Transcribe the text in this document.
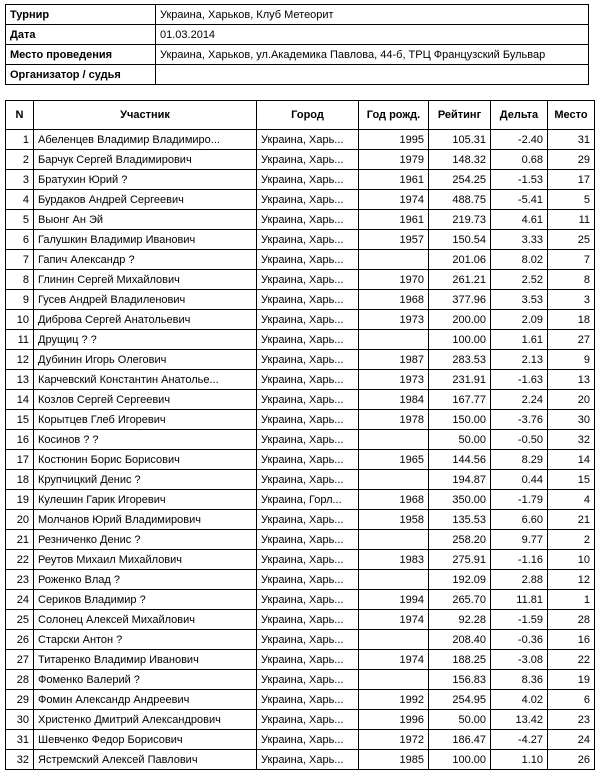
Турнир	Украина, Харьков, Клуб Метеорит
Дата	01.03.2014
Место проведения	Украина, Харьков, ул.Академика Павлова, 44-б, ТРЦ Французский Бульвар
Организатор / судья	
N	Участник	Город	Год рожд.	Рейтинг	Дельта	Место
1	Абеленцев Владимир Владимиро...	Украина, Харь...	1995	105.31	-2.40	31
2	Барчук Сергей Владимирович	Украина, Харь...	1979	148.32	0.68	29
3	Братухин Юрий ?	Украина, Харь...	1961	254.25	-1.53	17
4	Бурдаков Андрей Сергеевич	Украина, Харь...	1974	488.75	-5.41	5
5	Выонг Ан Эй	Украина, Харь...	1961	219.73	4.61	11
6	Галушкин Владимир Иванович	Украина, Харь...	1957	150.54	3.33	25
7	Гапич Александр ?	Украина, Харь...		201.06	8.02	7
8	Глинин Сергей Михайлович	Украина, Харь...	1970	261.21	2.52	8
9	Гусев Андрей Владиленович	Украина, Харь...	1968	377.96	3.53	3
10	Диброва Сергей Анатольевич	Украина, Харь...	1973	200.00	2.09	18
11	Друщиц ? ?	Украина, Харь...		100.00	1.61	27
12	Дубинин Игорь Олегович	Украина, Харь...	1987	283.53	2.13	9
13	Карчевский Константин Анатолье...	Украина, Харь...	1973	231.91	-1.63	13
14	Козлов Сергей Сергеевич	Украина, Харь...	1984	167.77	2.24	20
15	Корытцев Глеб Игоревич	Украина, Харь...	1978	150.00	-3.76	30
16	Косинов ? ?	Украина, Харь...		50.00	-0.50	32
17	Костюнин Борис Борисович	Украина, Харь...	1965	144.56	8.29	14
18	Крупчицкий Денис ?	Украина, Харь...		194.87	0.44	15
19	Кулешин Гарик Игоревич	Украина, Горл...	1968	350.00	-1.79	4
20	Молчанов Юрий Владимирович	Украина, Харь...	1958	135.53	6.60	21
21	Резниченко Денис ?	Украина, Харь...		258.20	9.77	2
22	Реутов Михаил Михайлович	Украина, Харь...	1983	275.91	-1.16	10
23	Роженко Влад ?	Украина, Харь...		192.09	2.88	12
24	Сериков Владимир ?	Украина, Харь...	1994	265.70	11.81	1
25	Солонец Алексей Михайлович	Украина, Харь...	1974	92.28	-1.59	28
26	Старски Антон ?	Украина, Харь...		208.40	-0.36	16
27	Титаренко Владимир Иванович	Украина, Харь...	1974	188.25	-3.08	22
28	Фоменко Валерий ?	Украина, Харь...		156.83	8.36	19
29	Фомин Александр Андреевич	Украина, Харь...	1992	254.95	4.02	6
30	Христенко Дмитрий Александрович	Украина, Харь...	1996	50.00	13.42	23
31	Шевченко Федор Борисович	Украина, Харь...	1972	186.47	-4.27	24
32	Ястремский Алексей Павлович	Украина, Харь...	1985	100.00	1.10	26
